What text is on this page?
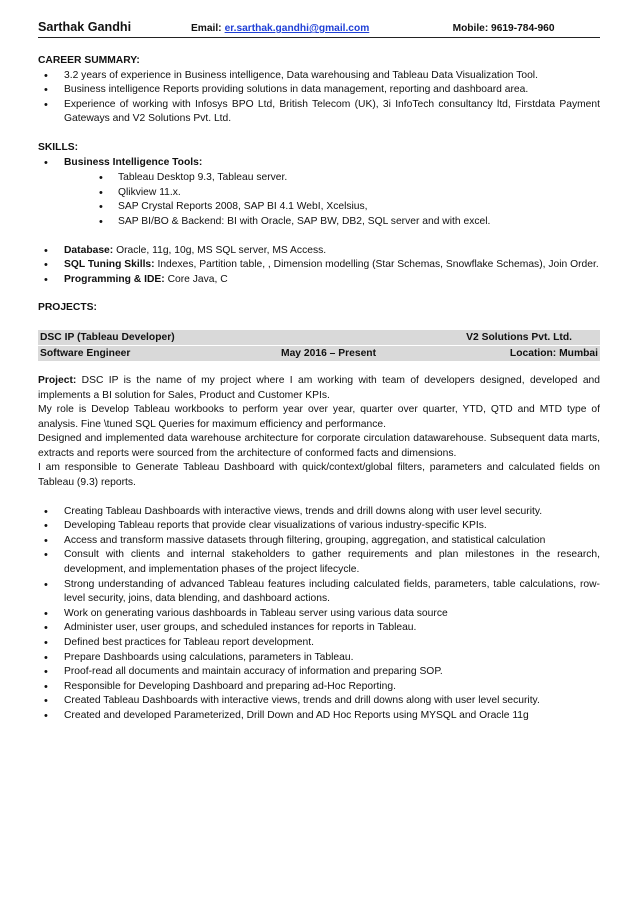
Sarthak Gandhi	Email: er.sarthak.gandhi@gmail.com	Mobile: 9619-784-960
CAREER SUMMARY:
• 3.2 years of experience in Business intelligence, Data warehousing and Tableau Data Visualization Tool.
• Business intelligence Reports providing solutions in data management, reporting and dashboard area.
• Experience of working with Infosys BPO Ltd, British Telecom (UK), 3i InfoTech consultancy ltd, Firstdata Payment Gateways and V2 Solutions Pvt. Ltd.
SKILLS:
• Business Intelligence Tools:
• Tableau Desktop 9.3, Tableau server.
• Qlikview 11.x.
• SAP Crystal Reports 2008, SAP BI 4.1 WebI, Xcelsius,
• SAP BI/BO & Backend: BI with Oracle, SAP BW, DB2, SQL server and with excel.
• Database: Oracle, 11g, 10g, MS SQL server, MS Access.
• SQL Tuning Skills: Indexes, Partition table, , Dimension modelling (Star Schemas, Snowflake Schemas), Join Order.
• Programming & IDE: Core Java, C
PROJECTS:
DSC IP (Tableau Developer)	V2 Solutions Pvt. Ltd.
Software Engineer	May 2016 – Present	Location: Mumbai
Project: DSC IP is the name of my project where I am working with team of developers designed, developed and implements a BI solution for Sales, Product and Customer KPIs.
My role is Develop Tableau workbooks to perform year over year, quarter over quarter, YTD, QTD and MTD type of analysis. Fine \tuned SQL Queries for maximum efficiency and performance.
Designed and implemented data warehouse architecture for corporate circulation datawarehouse. Subsequent data marts, extracts and reports were sourced from the architecture of conformed facts and dimensions.
I am responsible to Generate Tableau Dashboard with quick/context/global filters, parameters and calculated fields on Tableau (9.3) reports.
• Creating Tableau Dashboards with interactive views, trends and drill downs along with user level security.
• Developing Tableau reports that provide clear visualizations of various industry-specific KPIs.
• Access and transform massive datasets through filtering, grouping, aggregation, and statistical calculation
• Consult with clients and internal stakeholders to gather requirements and plan milestones in the research, development, and implementation phases of the project lifecycle.
• Strong understanding of advanced Tableau features including calculated fields, parameters, table calculations, row-level security, joins, data blending, and dashboard actions.
• Work on generating various dashboards in Tableau server using various data source
• Administer user, user groups, and scheduled instances for reports in Tableau.
• Defined best practices for Tableau report development.
• Prepare Dashboards using calculations, parameters in Tableau.
• Proof-read all documents and maintain accuracy of information and preparing SOP.
• Responsible for Developing Dashboard and preparing ad-Hoc Reporting.
• Created Tableau Dashboards with interactive views, trends and drill downs along with user level security.
• Created and developed Parameterized, Drill Down and AD Hoc Reports using MYSQL and Oracle 11g
